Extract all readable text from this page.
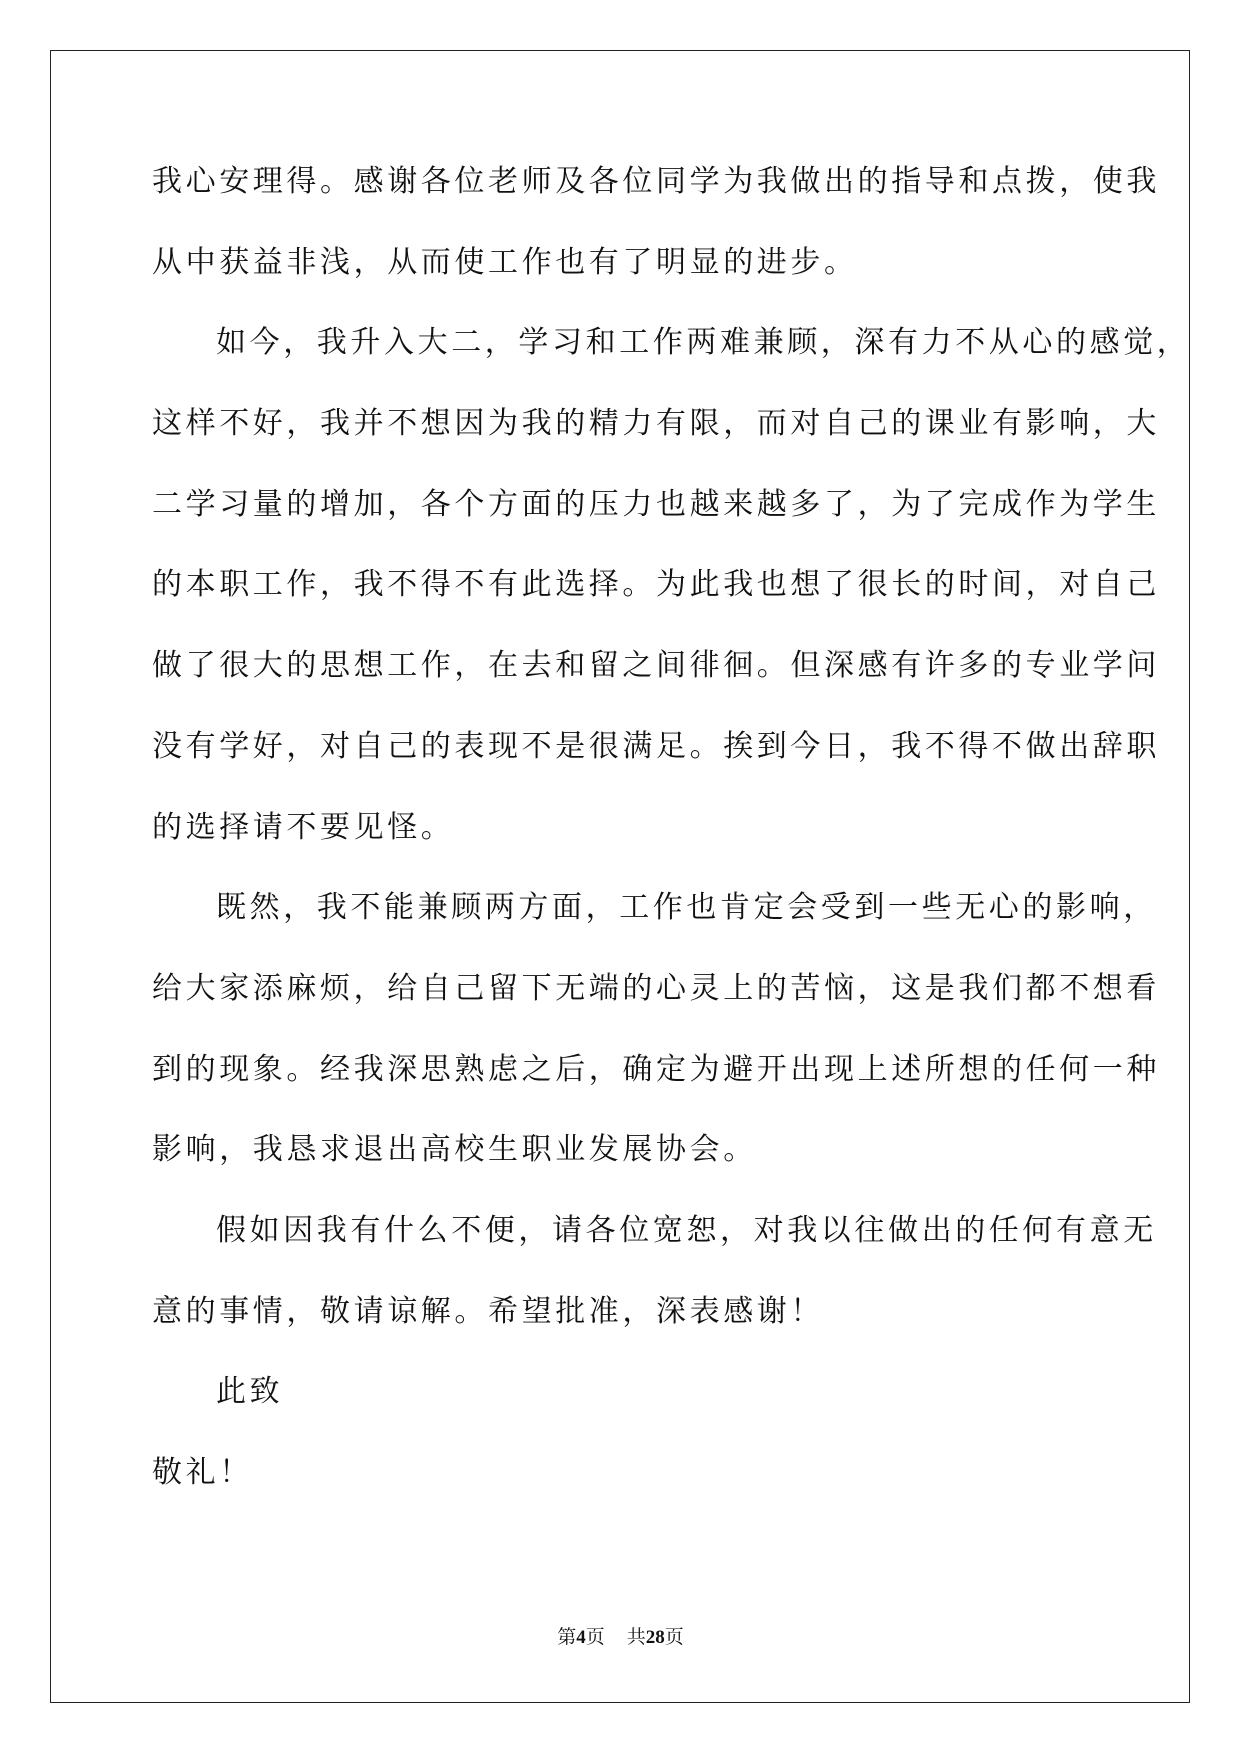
我心安理得。感谢各位老师及各位同学为我做出的指导和点拨，使我
从中获益非浅，从而使工作也有了明显的进步。
如今，我升入大二，学习和工作两难兼顾，深有力不从心的感觉，
这样不好，我并不想因为我的精力有限，而对自己的课业有影响，大
二学习量的增加，各个方面的压力也越来越多了，为了完成作为学生
的本职工作，我不得不有此选择。为此我也想了很长的时间，对自己
做了很大的思想工作，在去和留之间徘徊。但深感有许多的专业学问
没有学好，对自己的表现不是很满足。挨到今日，我不得不做出辞职
的选择请不要见怪。
既然，我不能兼顾两方面，工作也肯定会受到一些无心的影响，
给大家添麻烦，给自己留下无端的心灵上的苦恼，这是我们都不想看
到的现象。经我深思熟虑之后，确定为避开出现上述所想的任何一种
影响，我恳求退出高校生职业发展协会。
假如因我有什么不便，请各位宽恕，对我以往做出的任何有意无
意的事情，敬请谅解。希望批准，深表感谢！
此致
敬礼！
第4页 共28页
